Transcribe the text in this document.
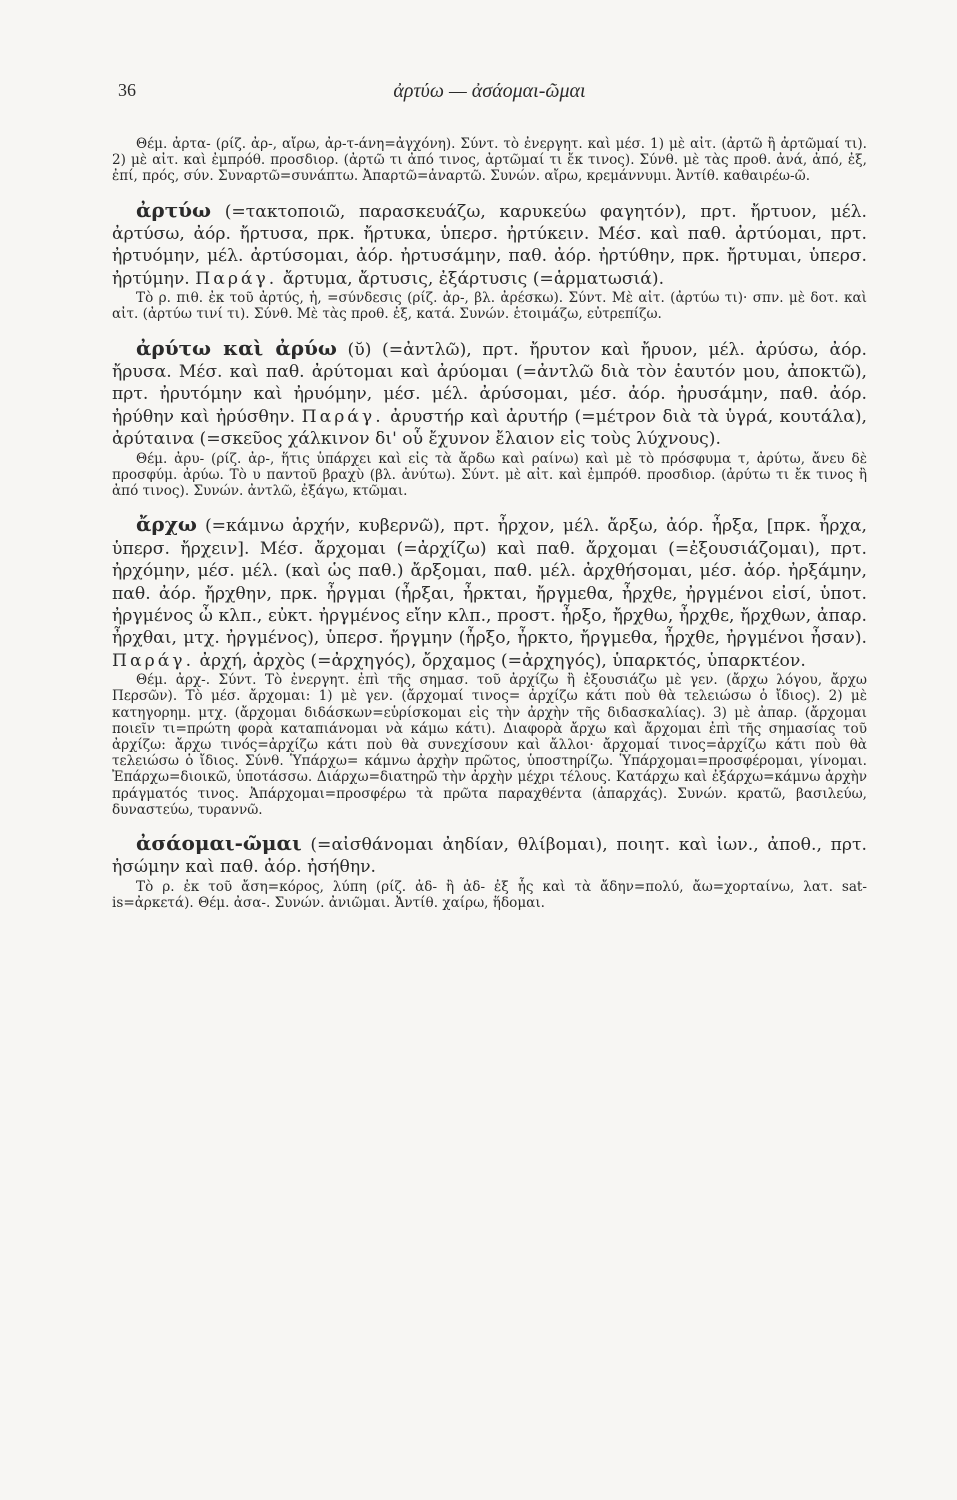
36	ἀρτύω — ἀσάομαι-ῶμαι

Θέμ. ἀρτα- (ρίζ. ἀρ-, αἴρω, ἀρ-τ-άνη=ἀγχόνη). Σύντ. τὸ ἐνεργητ. καὶ μέσ. 1) μὲ αἰτ. (ἀρτῶ ἢ ἀρτῶμαί τι). 2) μὲ αἰτ. καὶ ἐμπρόθ. προσδιορ. (ἀρτῶ τι ἀπό τινος, ἀρτῶμαί τι ἔκ τινος). Σύνθ. μὲ τὰς προθ. ἀνά, ἀπό, ἐξ, ἐπί, πρός, σύν. Συναρτῶ=συνάπτω. Ἀπαρτῶ=ἀναρτῶ. Συνών. αἴρω, κρεμάννυμι. Ἀντίθ. καθαιρέω-ῶ.

ἀρτύω (=τακτοποιῶ, παρασκευάζω, καρυκεύω φαγητόν), πρτ. ἤρτυον, μέλ. ἀρτύσω, ἀόρ. ἤρτυσα, πρκ. ἤρτυκα, ὑπερσ. ἠρτύκειν. Μέσ. καὶ παθ. ἀρτύομαι, πρτ. ἠρτυόμην, μέλ. ἀρτύσομαι, ἀόρ. ἠρτυσάμην, παθ. ἀόρ. ἠρτύθην, πρκ. ἤρτυμαι, ὑπερσ. ἠρτύμην. Παράγ. ἄρτυμα, ἄρτυσις, ἐξάρτυσις (=ἁρματωσιά).

Τὸ ρ. πιθ. ἐκ τοῦ ἀρτύς, ἡ, =σύνδεσις (ρίζ. ἀρ-, βλ. ἀρέσκω). Σύντ. Μὲ αἰτ. (ἀρτύω τι)· σπν. μὲ δοτ. καὶ αἰτ. (ἀρτύω τινί τι). Σύνθ. Μὲ τὰς προθ. ἐξ, κατά. Συνών. ἑτοιμάζω, εὐτρεπίζω.

ἀρύτω καὶ ἀρύω (ῠ) (=ἀντλῶ), πρτ. ἤρυτον καὶ ἤρυον, μέλ. ἀρύσω, ἀόρ. ἤρυσα. Μέσ. καὶ παθ. ἀρύτομαι καὶ ἀρύομαι (=ἀντλῶ διὰ τὸν ἑαυτόν μου, ἀποκτῶ), πρτ. ἠρυτόμην καὶ ἠρυόμην, μέσ. μέλ. ἀρύσομαι, μέσ. ἀόρ. ἠρυσάμην, παθ. ἀόρ. ἠρύθην καὶ ἠρύσθην. Παράγ. ἀρυστήρ καὶ ἀρυτήρ (=μέτρον διὰ τὰ ὑγρά, κουτάλα), ἀρύταινα (=σκεῦος χάλκινον δι' οὗ ἔχυνον ἔλαιον εἰς τοὺς λύχνους).

Θέμ. ἀρυ- (ρίζ. ἀρ-, ἥτις ὑπάρχει καὶ εἰς τὰ ἄρδω καὶ ραίνω) καὶ μὲ τὸ πρόσφυμα τ, ἀρύτω, ἄνευ δὲ προσφύμ. ἀρύω. Τὸ υ παντοῦ βραχὺ (βλ. ἀνύτω). Σύντ. μὲ αἰτ. καὶ ἐμπρόθ. προσδιορ. (ἀρύτω τι ἔκ τινος ἢ ἀπό τινος). Συνών. ἀντλῶ, ἐξάγω, κτῶμαι.

ἄρχω (=κάμνω ἀρχήν, κυβερνῶ), πρτ. ἦρχον, μέλ. ἄρξω, ἀόρ. ἦρξα, [πρκ. ἦρχα, ὑπερσ. ἤρχειν]. Μέσ. ἄρχομαι (=ἀρχίζω) καὶ παθ. ἄρχομαι (=ἐξουσιάζομαι), πρτ. ἠρχόμην, μέσ. μέλ. (καὶ ὡς παθ.) ἄρξομαι, παθ. μέλ. ἀρχθήσομαι, μέσ. ἀόρ. ἠρξάμην, παθ. ἀόρ. ἤρχθην, πρκ. ἦργμαι (ἦρξαι, ἦρκται, ἤργμεθα, ἦρχθε, ἠργμένοι εἰσί, ὑποτ. ἠργμένος ὦ κλπ., εὐκτ. ἠργμένος εἴην κλπ., προστ. ἦρξο, ἤρχθω, ἦρχθε, ἤρχθων, ἀπαρ. ἦρχθαι, μτχ. ἠργμένος), ὑπερσ. ἤργμην (ἦρξο, ἦρκτο, ἤργμεθα, ἦρχθε, ἠργμένοι ἦσαν). Παράγ. ἀρχή, ἀρχὸς (=ἀρχηγός), ὄρχαμος (=ἀρχηγός), ὑπαρκτός, ὑπαρκτέον.

Θέμ. ἀρχ-. Σύντ. Τὸ ἐνεργητ. ἐπὶ τῆς σημασ. τοῦ ἀρχίζω ἢ ἐξουσιάζω μὲ γεν. (ἄρχω λόγου, ἄρχω Περσῶν). Τὸ μέσ. ἄρχομαι: 1) μὲ γεν. (ἄρχομαί τινος= ἀρχίζω κάτι ποὺ θὰ τελειώσω ὁ ἴδιος). 2) μὲ κατηγορημ. μτχ. (ἄρχομαι διδάσκων=εὑρίσκομαι εἰς τὴν ἀρχὴν τῆς διδασκαλίας). 3) μὲ ἀπαρ. (ἄρχομαι ποιεῖν τι=πρώτη φορὰ καταπιάνομαι νὰ κάμω κάτι). Διαφορὰ ἄρχω καὶ ἄρχομαι ἐπὶ τῆς σημασίας τοῦ ἀρχίζω: ἄρχω τινός=ἀρχίζω κάτι ποὺ θὰ συνεχίσουν καὶ ἄλλοι· ἄρχομαί τινος=ἀρχίζω κάτι ποὺ θὰ τελειώσω ὁ ἴδιος. Σύνθ. Ὑπάρχω= κάμνω ἀρχὴν πρῶτος, ὑποστηρίζω. Ὑπάρχομαι=προσφέρομαι, γίνομαι. Ἐπάρχω=διοικῶ, ὑποτάσσω. Διάρχω=διατηρῶ τὴν ἀρχὴν μέχρι τέλους. Κατάρχω καὶ ἐξάρχω=κάμνω ἀρχὴν πράγματός τινος. Ἀπάρχομαι=προσφέρω τὰ πρῶτα παραχθέντα (ἀπαρχάς). Συνών. κρατῶ, βασιλεύω, δυναστεύω, τυραννῶ.

ἀσάομαι-ῶμαι (=αἰσθάνομαι ἀηδίαν, θλίβομαι), ποιητ. καὶ ἰων., ἀποθ., πρτ. ἠσώμην καὶ παθ. ἀόρ. ἠσήθην.

Τὸ ρ. ἐκ τοῦ ἄση=κόρος, λύπη (ρίζ. ἀδ- ἢ ἀδ- ἐξ ἧς καὶ τὰ ἄδην=πολύ, ἄω=χορταίνω, λατ. sat-is=ἀρκετά). Θέμ. ἀσα-. Συνών. ἀνιῶμαι. Ἀντίθ. χαίρω, ἥδομαι.
